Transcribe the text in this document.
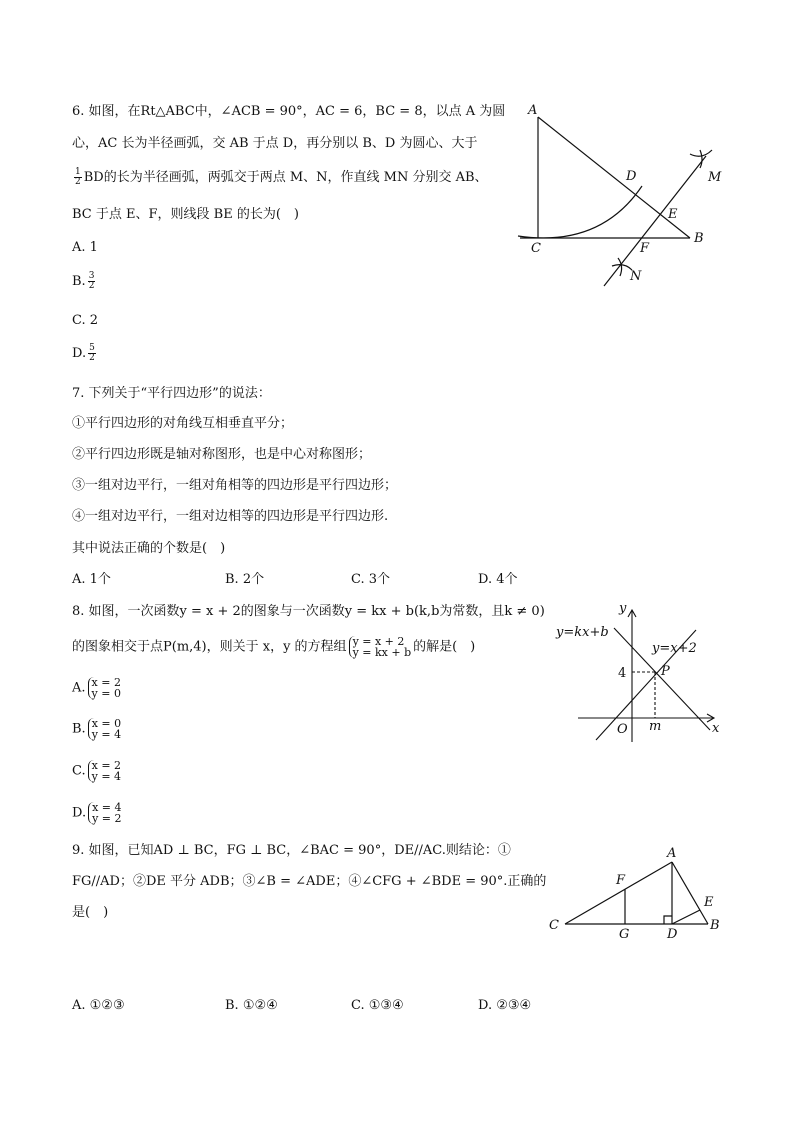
6. 如图，在Rt△ABC中，∠ACB = 90°，AC = 6，BC = 8，以点 A 为圆
心，AC 长为半径画弧，交 AB 于点 D，再分别以 B、D 为圆心、大于
$\frac{1}{2}$ BD的长为半径画弧，两弧交于两点 M、N，作直线 MN 分别交 AB、
BC 于点 E、F，则线段 BE 的长为(　)
A. 1
B. $\frac{3}{2}$
C. 2
D. $\frac{5}{2}$
A
B
C
D
E
F
M
N
7. 下列关于“平行四边形”的说法：
①平行四边形的对角线互相垂直平分；
②平行四边形既是轴对称图形，也是中心对称图形；
③一组对边平行，一组对角相等的四边形是平行四边形；
④一组对边平行，一组对边相等的四边形是平行四边形.
其中说法正确的个数是(　)
A. 1个	B. 2个	C. 3个	D. 4个
8. 如图，一次函数y = x + 2的图象与一次函数y = kx + b(k,b为常数，且k ≠ 0)
的图象相交于点P(m,4)，则关于 x，y 的方程组 y = x + 2
y = kx + b 的解是(　)
A. x = 2
y = 0
B. x = 0
y = 4
C. x = 2
y = 4
D. x = 4
y = 2
y
x
O
y=kx+b
y=x+2
4	P
m
9. 如图，已知AD ⊥ BC，FG ⊥ BC，∠BAC = 90°，DE//AC.则结论：①
FG//AD；②DE 平分 ADB；③∠B = ∠ADE；④∠CFG + ∠BDE = 90°.正确的
是(　)
A. ①②③	B. ①②④	C. ①③④	D. ②③④
A
B
C
D
E
F
G
